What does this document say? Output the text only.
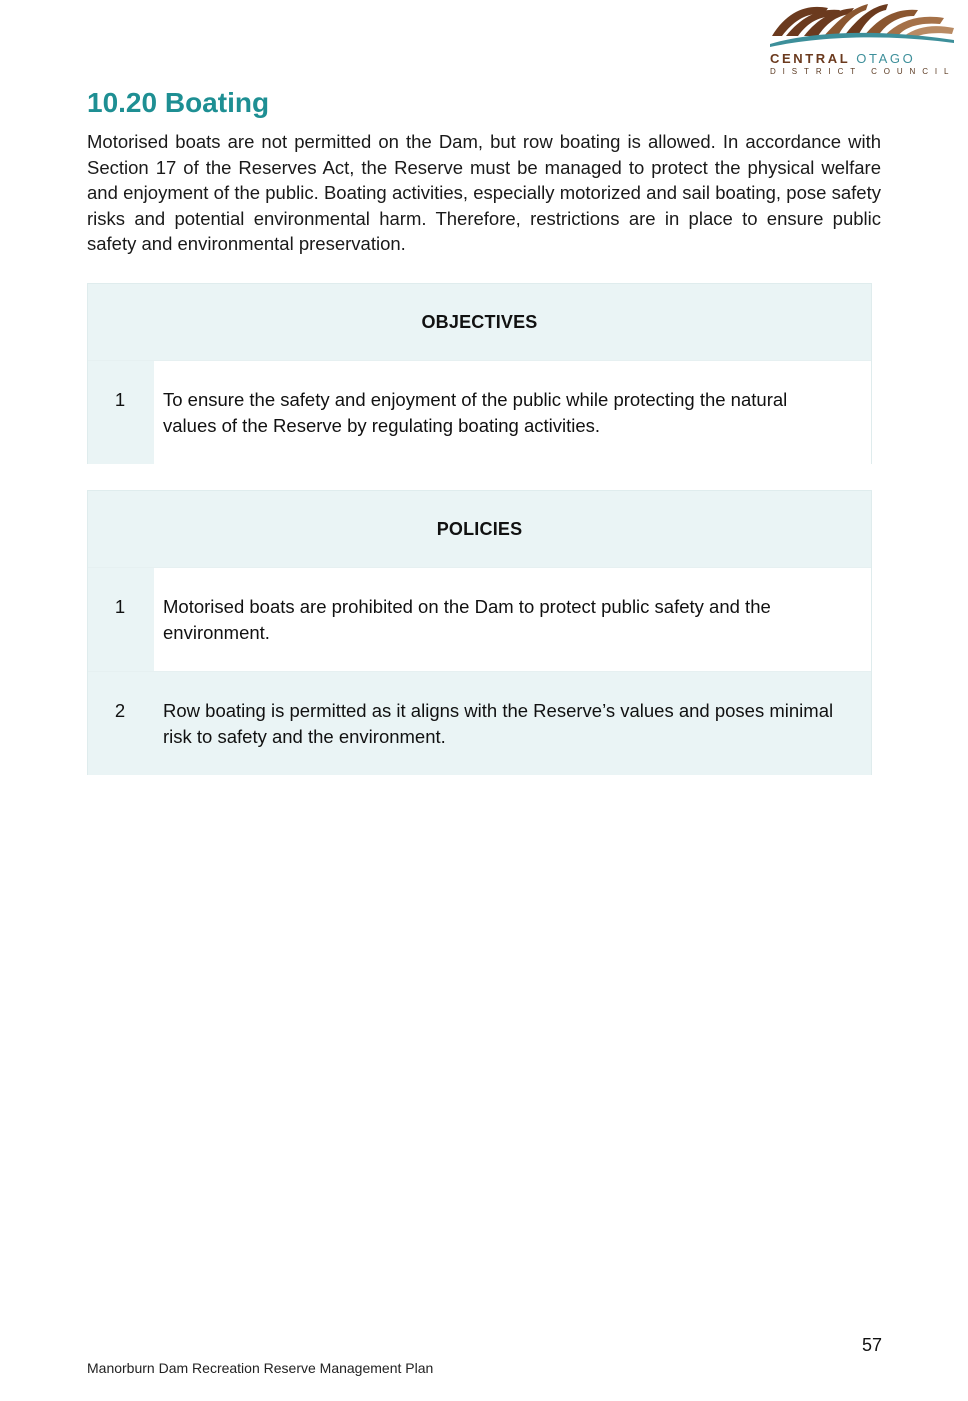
CENTRAL OTAGO
DISTRICT COUNCIL
10.20 Boating

Motorised boats are not permitted on the Dam, but row boating is allowed. In accordance with Section 17 of the Reserves Act, the Reserve must be managed to protect the physical welfare and enjoyment of the public. Boating activities, especially motorized and sail boating, pose safety risks and potential environmental harm. Therefore, restrictions are in place to ensure public safety and environmental preservation.

OBJECTIVES
1	To ensure the safety and enjoyment of the public while protecting the natural values of the Reserve by regulating boating activities.
POLICIES
1	Motorised boats are prohibited on the Dam to protect public safety and the environment.
2	Row boating is permitted as it aligns with the Reserve’s values and poses minimal risk to safety and the environment.
57
Manorburn Dam Recreation Reserve Management Plan
